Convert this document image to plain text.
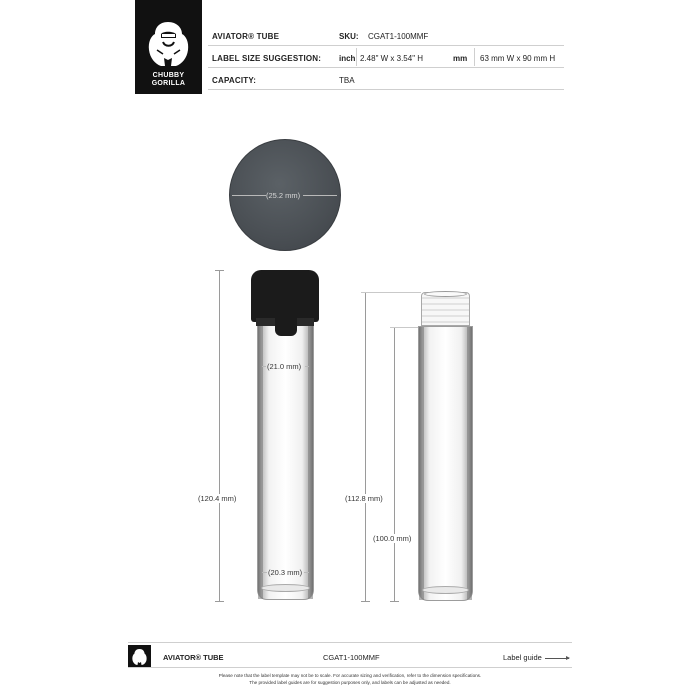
CHUBBY
GORILLA
AVIATOR® TUBE	SKU: CGAT1-100MMF
LABEL SIZE SUGGESTION: inch 2.48" W x 3.54" H	mm 63 mm W x 90 mm H
CAPACITY:	TBA
(25.2 mm)
(120.4 mm)
(21.0 mm)
(20.3 mm)
(112.8 mm)
(100.0 mm)
AVIATOR® TUBE	CGAT1-100MMF	Label guide
Please note that the label template may not be to scale. For accurate sizing and verification, refer to the dimension specifications.
The provided label guides are for suggestion purposes only, and labels can be adjusted as needed.
